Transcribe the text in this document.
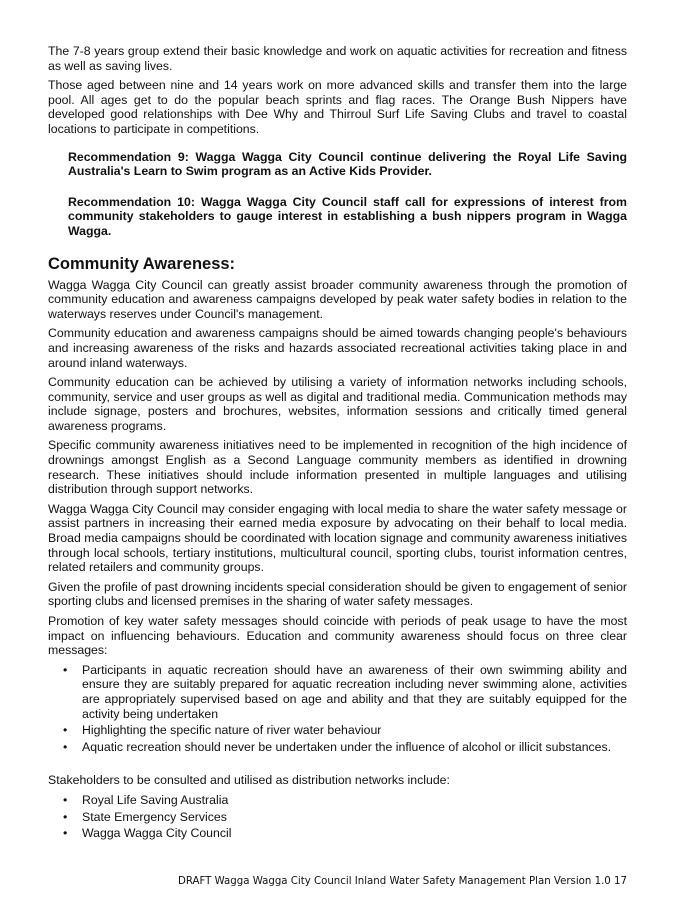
The 7-8 years group extend their basic knowledge and work on aquatic activities for recreation and fitness as well as saving lives.

Those aged between nine and 14 years work on more advanced skills and transfer them into the large pool. All ages get to do the popular beach sprints and flag races. The Orange Bush Nippers have developed good relationships with Dee Why and Thirroul Surf Life Saving Clubs and travel to coastal locations to participate in competitions.

Recommendation 9: Wagga Wagga City Council continue delivering the Royal Life Saving Australia's Learn to Swim program as an Active Kids Provider.

Recommendation 10: Wagga Wagga City Council staff call for expressions of interest from community stakeholders to gauge interest in establishing a bush nippers program in Wagga Wagga.

Community Awareness:

Wagga Wagga City Council can greatly assist broader community awareness through the promotion of community education and awareness campaigns developed by peak water safety bodies in relation to the waterways reserves under Council's management.

Community education and awareness campaigns should be aimed towards changing people's behaviours and increasing awareness of the risks and hazards associated recreational activities taking place in and around inland waterways.

Community education can be achieved by utilising a variety of information networks including schools, community, service and user groups as well as digital and traditional media. Communication methods may include signage, posters and brochures, websites, information sessions and critically timed general awareness programs.

Specific community awareness initiatives need to be implemented in recognition of the high incidence of drownings amongst English as a Second Language community members as identified in drowning research. These initiatives should include information presented in multiple languages and utilising distribution through support networks.

Wagga Wagga City Council may consider engaging with local media to share the water safety message or assist partners in increasing their earned media exposure by advocating on their behalf to local media. Broad media campaigns should be coordinated with location signage and community awareness initiatives through local schools, tertiary institutions, multicultural council, sporting clubs, tourist information centres, related retailers and community groups.

Given the profile of past drowning incidents special consideration should be given to engagement of senior sporting clubs and licensed premises in the sharing of water safety messages.

Promotion of key water safety messages should coincide with periods of peak usage to have the most impact on influencing behaviours. Education and community awareness should focus on three clear messages:

• Participants in aquatic recreation should have an awareness of their own swimming ability and ensure they are suitably prepared for aquatic recreation including never swimming alone, activities are appropriately supervised based on age and ability and that they are suitably equipped for the activity being undertaken
• Highlighting the specific nature of river water behaviour
• Aquatic recreation should never be undertaken under the influence of alcohol or illicit substances.

Stakeholders to be consulted and utilised as distribution networks include:

• Royal Life Saving Australia
• State Emergency Services
• Wagga Wagga City Council
DRAFT Wagga Wagga City Council Inland Water Safety Management Plan Version 1.0 17
